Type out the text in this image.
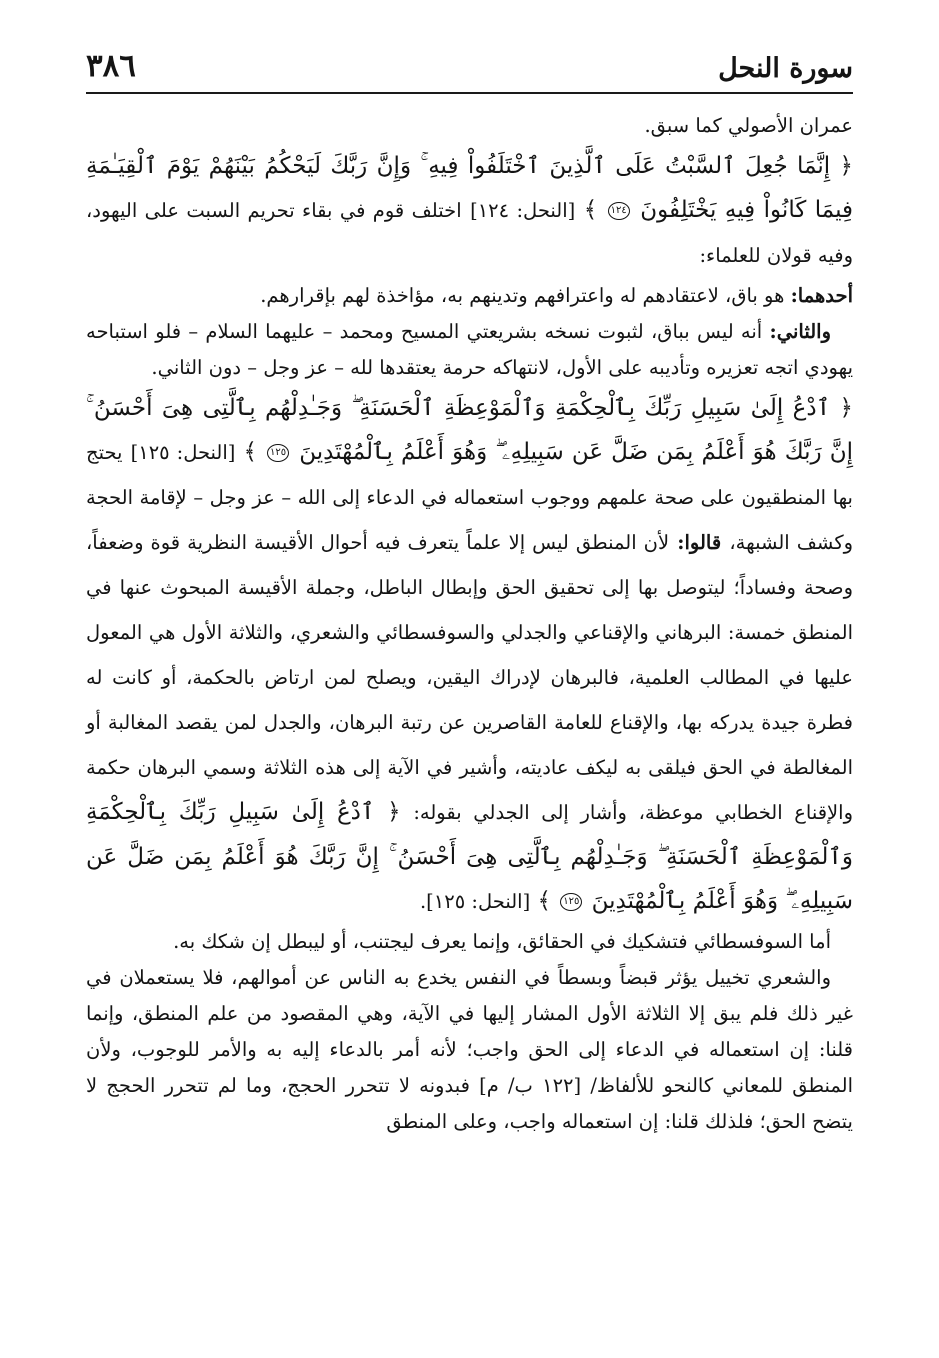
سورة النحل
٣٨٦

عمران الأصولي كما سبق.

﴿ إِنَّمَا جُعِلَ ٱلسَّبْتُ عَلَى ٱلَّذِينَ ٱخْتَلَفُواْ فِيهِ ۚ وَإِنَّ رَبَّكَ لَيَحْكُمُ بَيْنَهُمْ يَوْمَ ٱلْقِيَـٰمَةِ فِيمَا كَانُواْ فِيهِ يَخْتَلِفُونَ ١٢٤ ﴾ [النحل: ١٢٤] اختلف قوم في بقاء تحريم السبت على اليهود، وفيه قولان للعلماء:

أحدهما: هو باق، لاعتقادهم له واعترافهم وتدينهم به، مؤاخذة لهم بإقرارهم.

والثاني: أنه ليس بباق، لثبوت نسخه بشريعتي المسيح ومحمد – عليهما السلام – فلو استباحه يهودي اتجه تعزيره وتأديبه على الأول، لانتهاكه حرمة يعتقدها لله – عز وجل – دون الثاني.

﴿ ٱدْعُ إِلَىٰ سَبِيلِ رَبِّكَ بِٱلْحِكْمَةِ وَٱلْمَوْعِظَةِ ٱلْحَسَنَةِ ۖ وَجَـٰدِلْهُم بِٱلَّتِى هِىَ أَحْسَنُ ۚ إِنَّ رَبَّكَ هُوَ أَعْلَمُ بِمَن ضَلَّ عَن سَبِيلِهِۦ ۖ وَهُوَ أَعْلَمُ بِٱلْمُهْتَدِينَ ١٢٥ ﴾ [النحل: ١٢٥] يحتج بها المنطقيون على صحة علمهم ووجوب استعماله في الدعاء إلى الله – عز وجل – لإقامة الحجة وكشف الشبهة، قالوا: لأن المنطق ليس إلا علماً يتعرف فيه أحوال الأقيسة النظرية قوة وضعفاً، وصحة وفساداً؛ ليتوصل بها إلى تحقيق الحق وإبطال الباطل، وجملة الأقيسة المبحوث عنها في المنطق خمسة: البرهاني والإقناعي والجدلي والسوفسطائي والشعري، والثلاثة الأول هي المعول عليها في المطالب العلمية، فالبرهان لإدراك اليقين، ويصلح لمن ارتاض بالحكمة، أو كانت له فطرة جيدة يدركه بها، والإقناع للعامة القاصرين عن رتبة البرهان، والجدل لمن يقصد المغالبة أو المغالطة في الحق فيلقى به ليكف عاديته، وأشير في الآية إلى هذه الثلاثة وسمي البرهان حكمة والإقناع الخطابي موعظة، وأشار إلى الجدلي بقوله: ﴿ ٱدْعُ إِلَىٰ سَبِيلِ رَبِّكَ بِٱلْحِكْمَةِ وَٱلْمَوْعِظَةِ ٱلْحَسَنَةِ ۖ وَجَـٰدِلْهُم بِٱلَّتِى هِىَ أَحْسَنُ ۚ إِنَّ رَبَّكَ هُوَ أَعْلَمُ بِمَن ضَلَّ عَن سَبِيلِهِۦ ۖ وَهُوَ أَعْلَمُ بِٱلْمُهْتَدِينَ ١٢٥ ﴾ [النحل: ١٢٥].

أما السوفسطائي فتشكيك في الحقائق، وإنما يعرف ليجتنب، أو ليبطل إن شكك به.

والشعري تخييل يؤثر قبضاً وبسطاً في النفس يخدع به الناس عن أموالهم، فلا يستعملان في غير ذلك فلم يبق إلا الثلاثة الأول المشار إليها في الآية، وهي المقصود من علم المنطق، وإنما قلنا: إن استعماله في الدعاء إلى الحق واجب؛ لأنه أمر بالدعاء إليه به والأمر للوجوب، ولأن المنطق للمعاني كالنحو للألفاظ/ [١٢٢ ب/ م] فبدونه لا تتحرر الحجج، وما لم تتحرر الحجج لا يتضح الحق؛ فلذلك قلنا: إن استعماله واجب، وعلى المنطق
